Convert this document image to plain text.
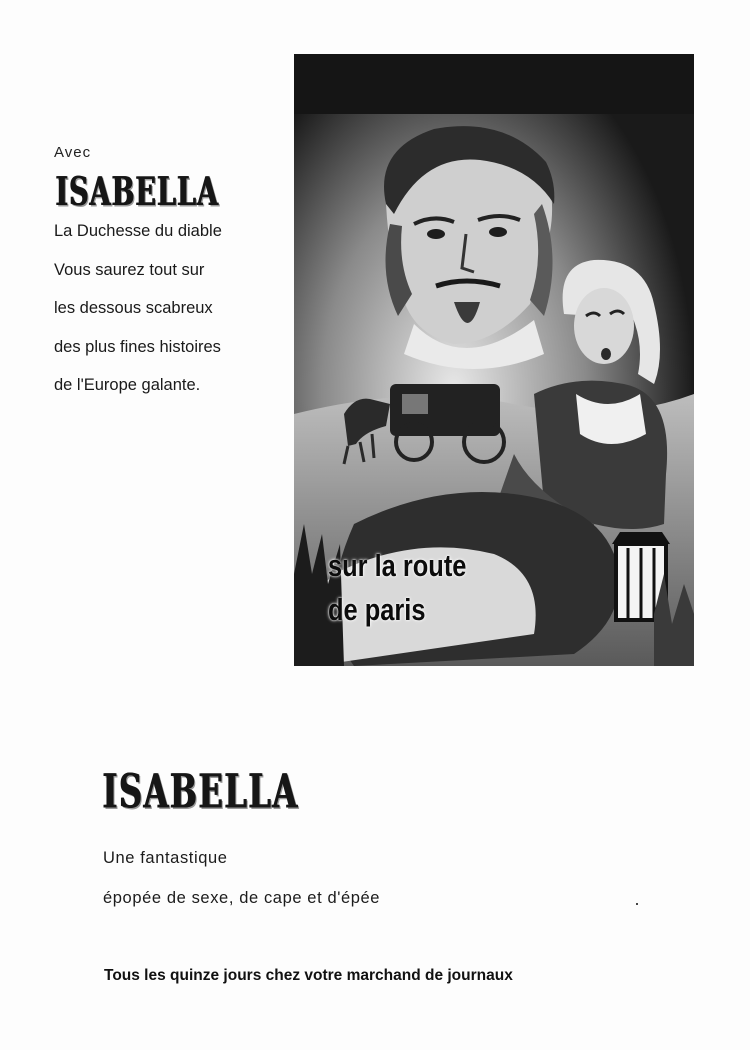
Avec
ISABELLA
La Duchesse du diable
Vous saurez tout sur
les dessous scabreux
des plus fines histoires
de l'Europe galante.
sur la route
de paris
ISABELLA
Une fantastique
épopée de sexe, de cape et d'épée
Tous les quinze jours chez votre marchand de journaux
